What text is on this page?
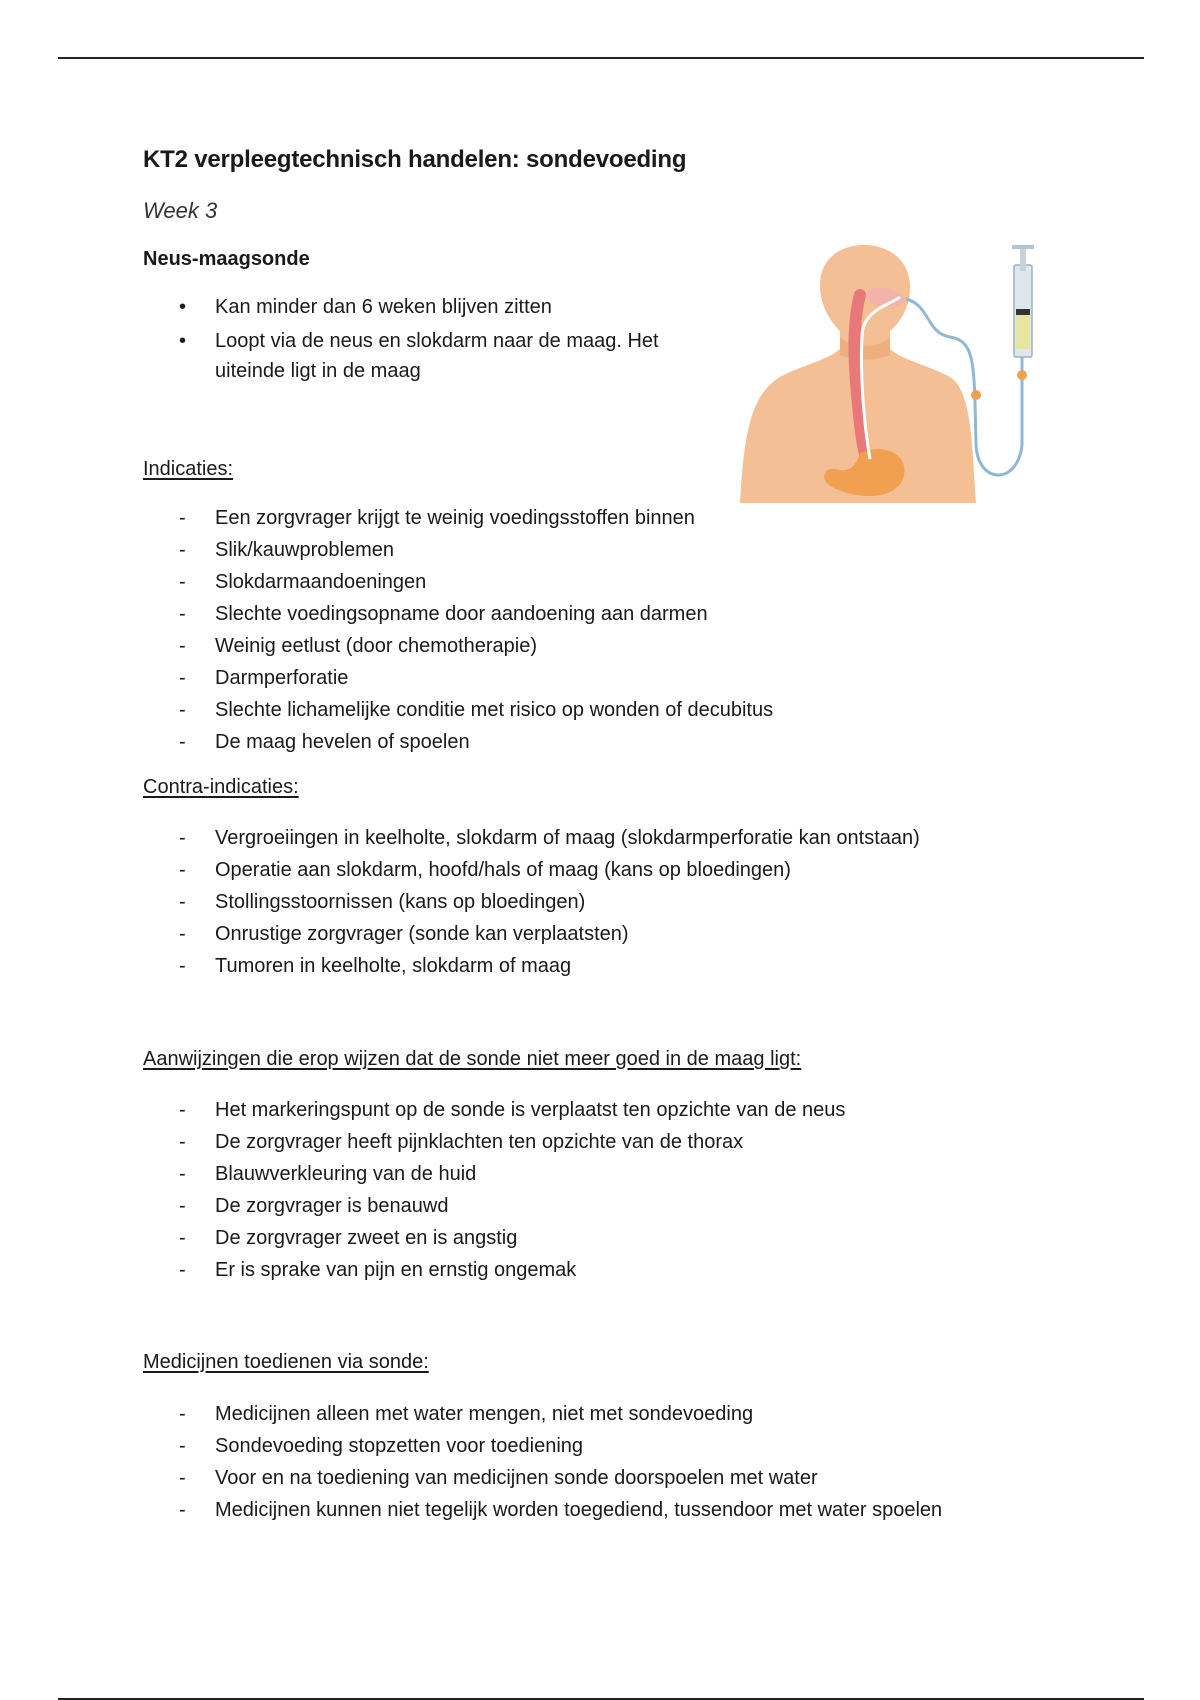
KT2 verpleegtechnisch handelen: sondevoeding
Week 3
Neus-maagsonde
• Kan minder dan 6 weken blijven zitten
• Loopt via de neus en slokdarm naar de maag. Het uiteinde ligt in de maag
Indicaties:
- Een zorgvrager krijgt te weinig voedingsstoffen binnen
- Slik/kauwproblemen
- Slokdarmaandoeningen
- Slechte voedingsopname door aandoening aan darmen
- Weinig eetlust (door chemotherapie)
- Darmperforatie
- Slechte lichamelijke conditie met risico op wonden of decubitus
- De maag hevelen of spoelen
Contra-indicaties:
- Vergroeiingen in keelholte, slokdarm of maag (slokdarmperforatie kan ontstaan)
- Operatie aan slokdarm, hoofd/hals of maag (kans op bloedingen)
- Stollingsstoornissen (kans op bloedingen)
- Onrustige zorgvrager (sonde kan verplaatsten)
- Tumoren in keelholte, slokdarm of maag
Aanwijzingen die erop wijzen dat de sonde niet meer goed in de maag ligt:
- Het markeringspunt op de sonde is verplaatst ten opzichte van de neus
- De zorgvrager heeft pijnklachten ten opzichte van de thorax
- Blauwverkleuring van de huid
- De zorgvrager is benauwd
- De zorgvrager zweet en is angstig
- Er is sprake van pijn en ernstig ongemak
Medicijnen toedienen via sonde:
- Medicijnen alleen met water mengen, niet met sondevoeding
- Sondevoeding stopzetten voor toediening
- Voor en na toediening van medicijnen sonde doorspoelen met water
- Medicijnen kunnen niet tegelijk worden toegediend, tussendoor met water spoelen
